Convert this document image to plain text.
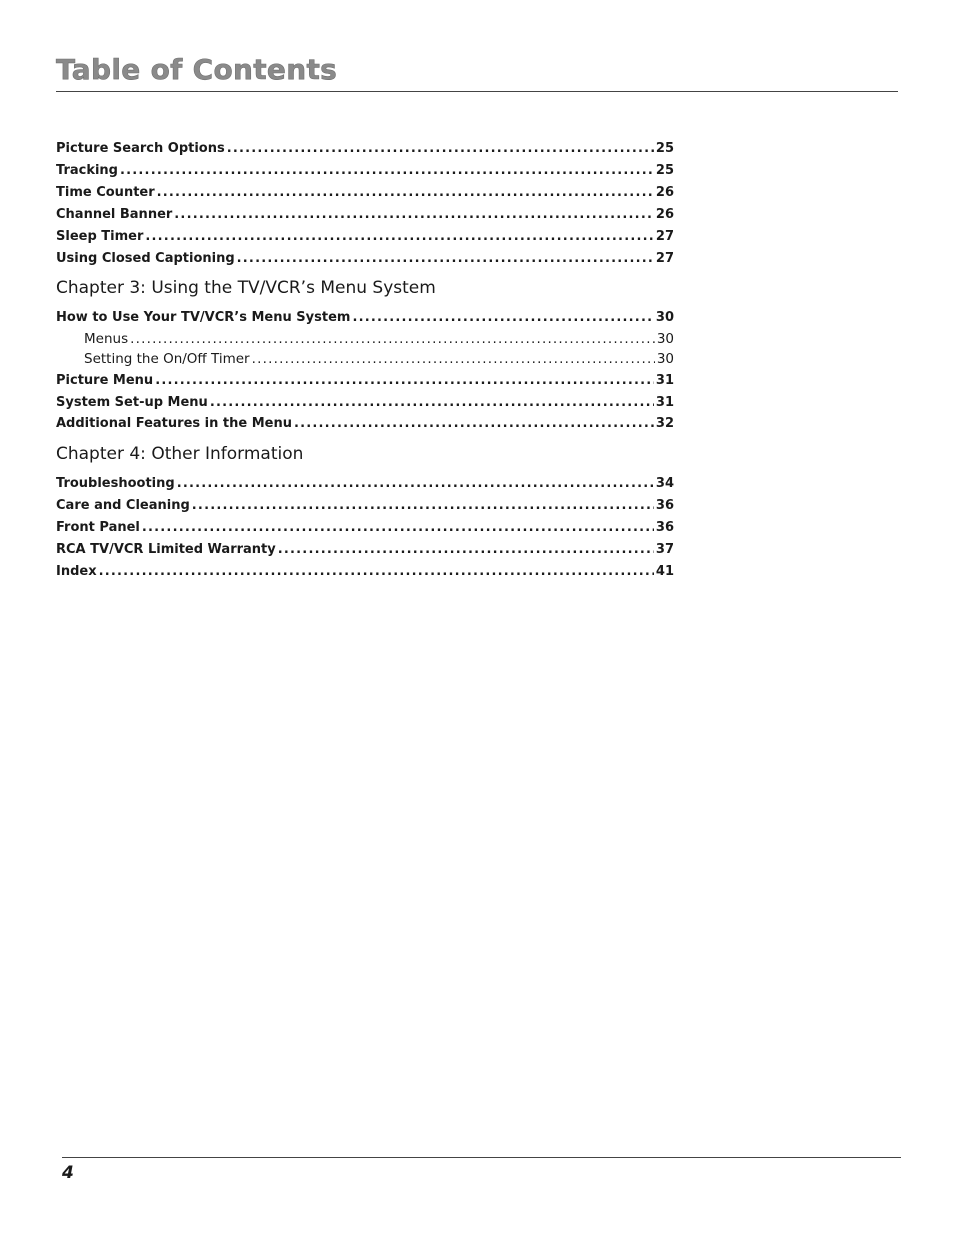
Table of Contents
Picture Search Options .....	25
Tracking .....	25
Time Counter .....	26
Channel Banner .....	26
Sleep Timer .....	27
Using Closed Captioning .....	27
How to Use Your TV/VCR’s Menu System .....	30
Menus .....	30
Setting the On/Off Timer .....	30
Picture Menu .....	31
System Set-up Menu .....	31
Additional Features in the Menu .....	32
Troubleshooting .....	34
Care and Cleaning .....	36
Front Panel .....	36
RCA TV/VCR Limited Warranty .....	37
Index .....	41
Chapter 3: Using the TV/VCR’s Menu System
Chapter 4: Other Information
4
